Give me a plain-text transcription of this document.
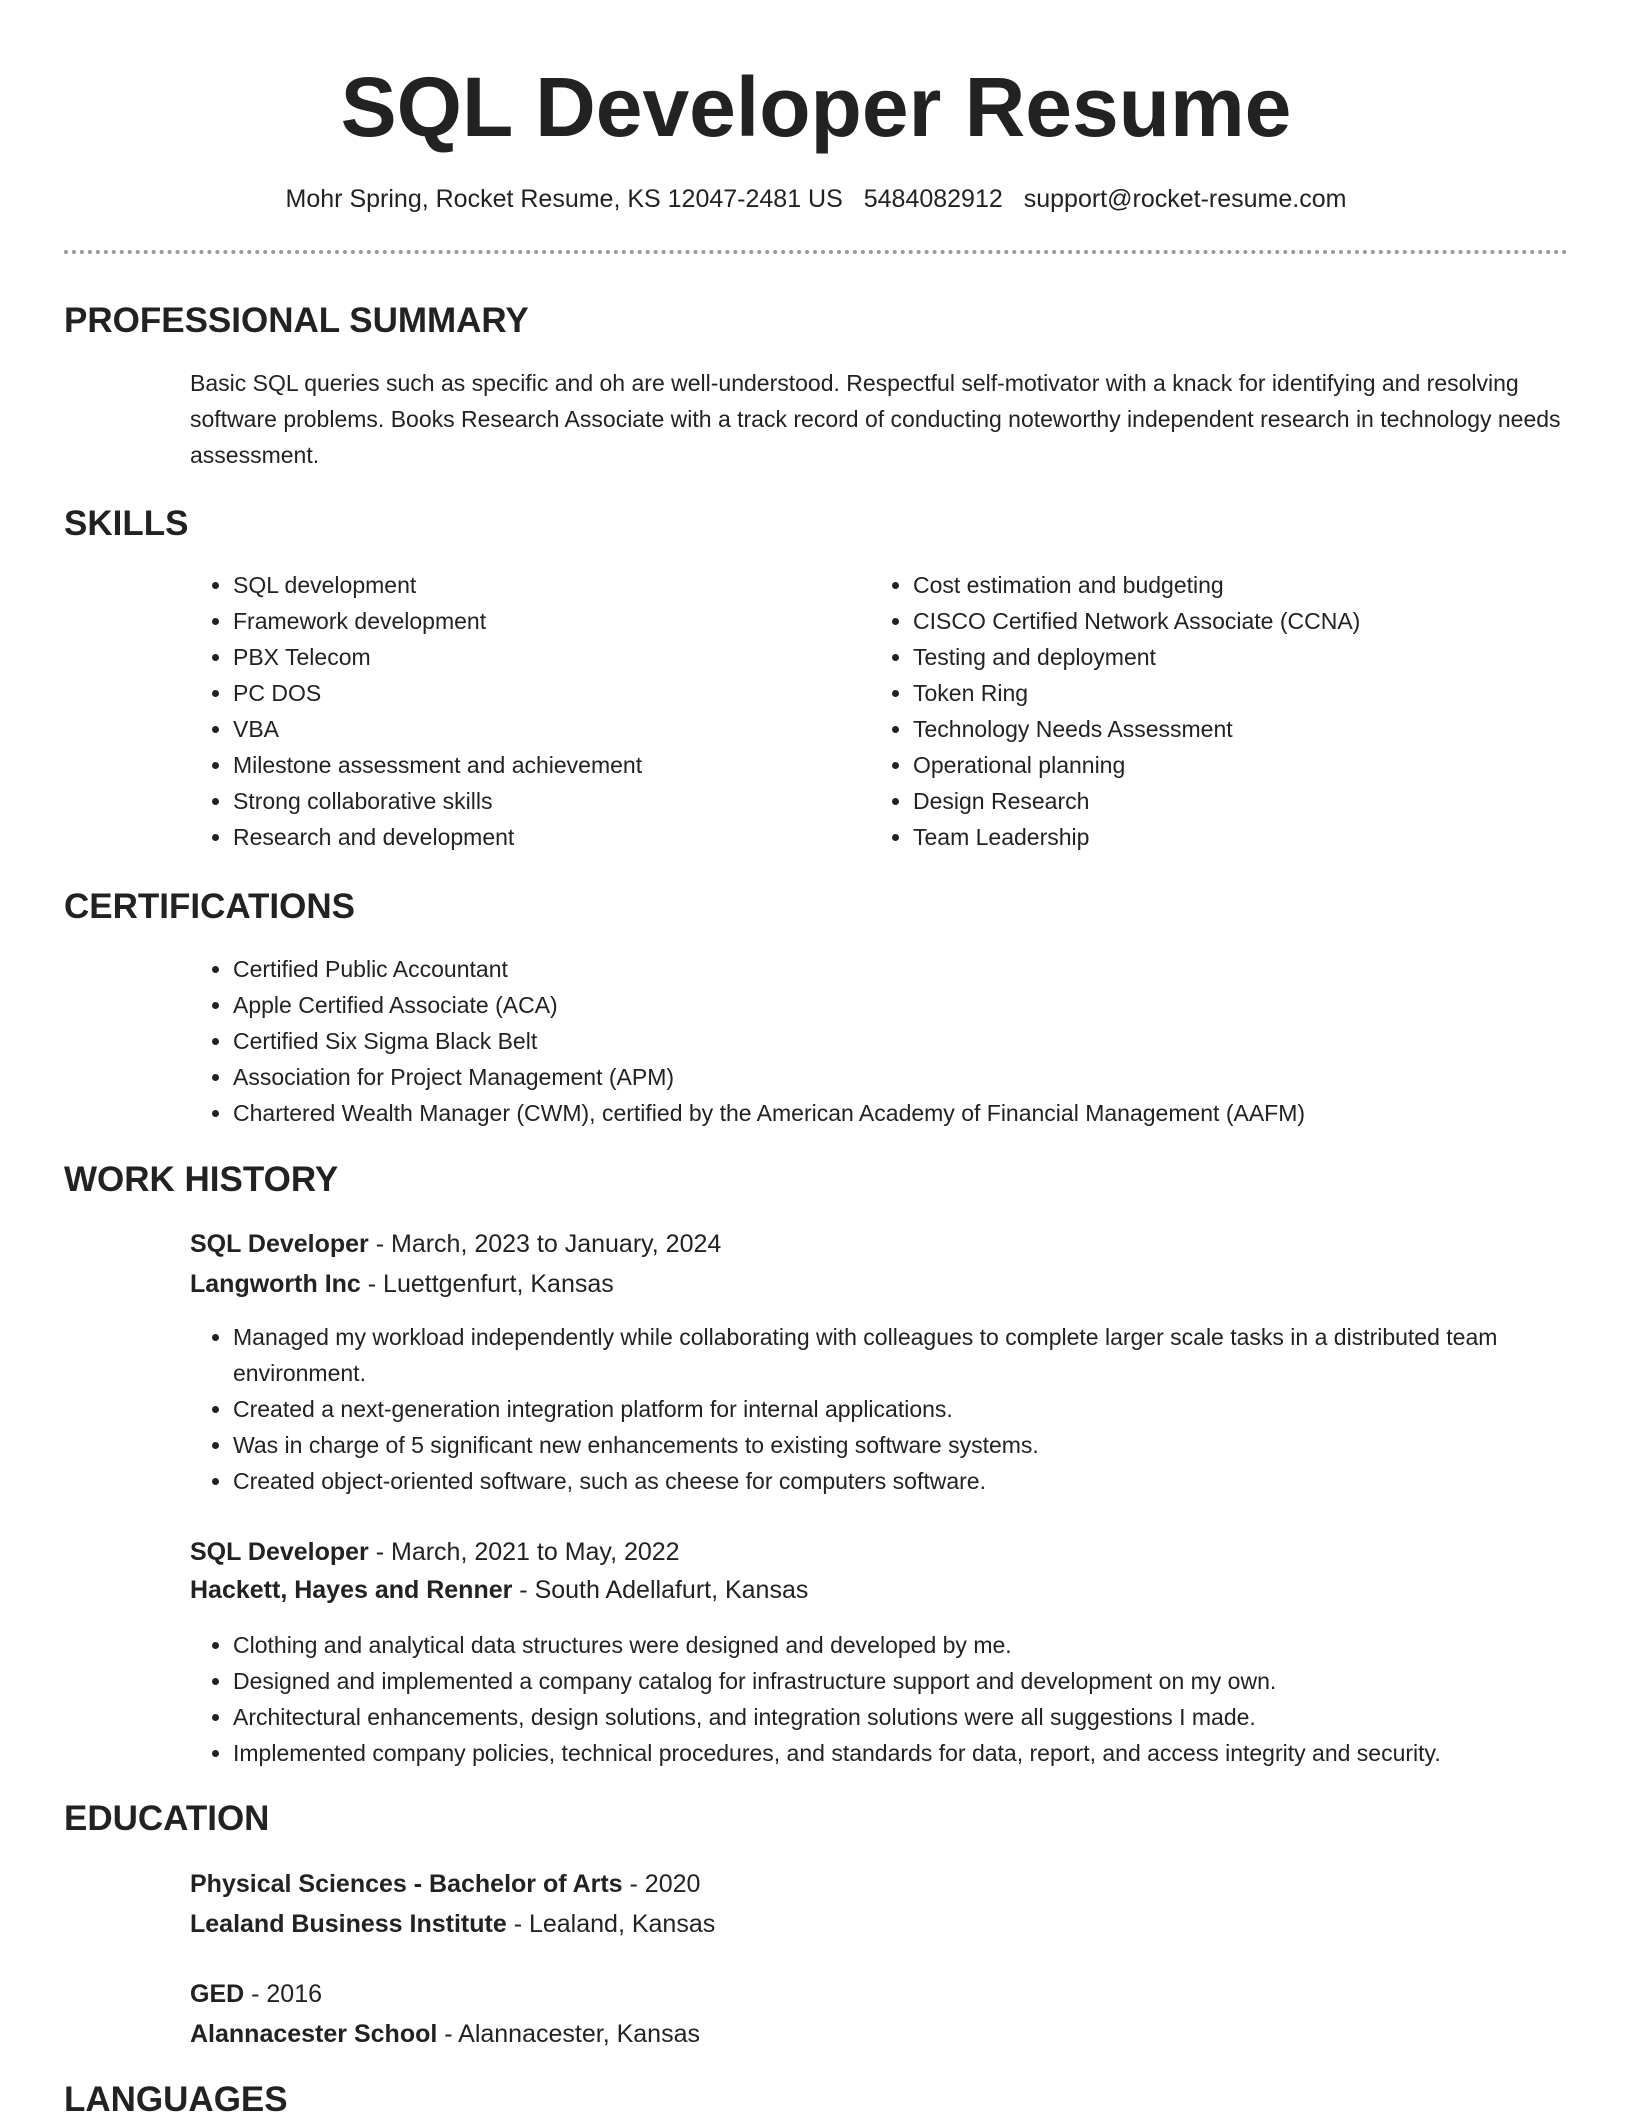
SQL Developer Resume
Mohr Spring, Rocket Resume, KS 12047-2481 US 5484082912 support@rocket-resume.com
PROFESSIONAL SUMMARY

Basic SQL queries such as specific and oh are well-understood. Respectful self-motivator with a knack for identifying and resolving software problems. Books Research Associate with a track record of conducting noteworthy independent research in technology needs assessment.

SKILLS
• SQL development
• Framework development
• PBX Telecom
• PC DOS
• VBA
• Milestone assessment and achievement
• Strong collaborative skills
• Research and development
• Cost estimation and budgeting
• CISCO Certified Network Associate (CCNA)
• Testing and deployment
• Token Ring
• Technology Needs Assessment
• Operational planning
• Design Research
• Team Leadership
CERTIFICATIONS
• Certified Public Accountant
• Apple Certified Associate (ACA)
• Certified Six Sigma Black Belt
• Association for Project Management (APM)
• Chartered Wealth Manager (CWM), certified by the American Academy of Financial Management (AAFM)
WORK HISTORY
SQL Developer - March, 2023 to January, 2024
Langworth Inc - Luettgenfurt, Kansas
• Managed my workload independently while collaborating with colleagues to complete larger scale tasks in a distributed team environment.
• Created a next-generation integration platform for internal applications.
• Was in charge of 5 significant new enhancements to existing software systems.
• Created object-oriented software, such as cheese for computers software.
SQL Developer - March, 2021 to May, 2022
Hackett, Hayes and Renner - South Adellafurt, Kansas
• Clothing and analytical data structures were designed and developed by me.
• Designed and implemented a company catalog for infrastructure support and development on my own.
• Architectural enhancements, design solutions, and integration solutions were all suggestions I made.
• Implemented company policies, technical procedures, and standards for data, report, and access integrity and security.
EDUCATION
Physical Sciences - Bachelor of Arts - 2020
Lealand Business Institute - Lealand, Kansas
GED - 2016
Alannacester School - Alannacester, Kansas
LANGUAGES
